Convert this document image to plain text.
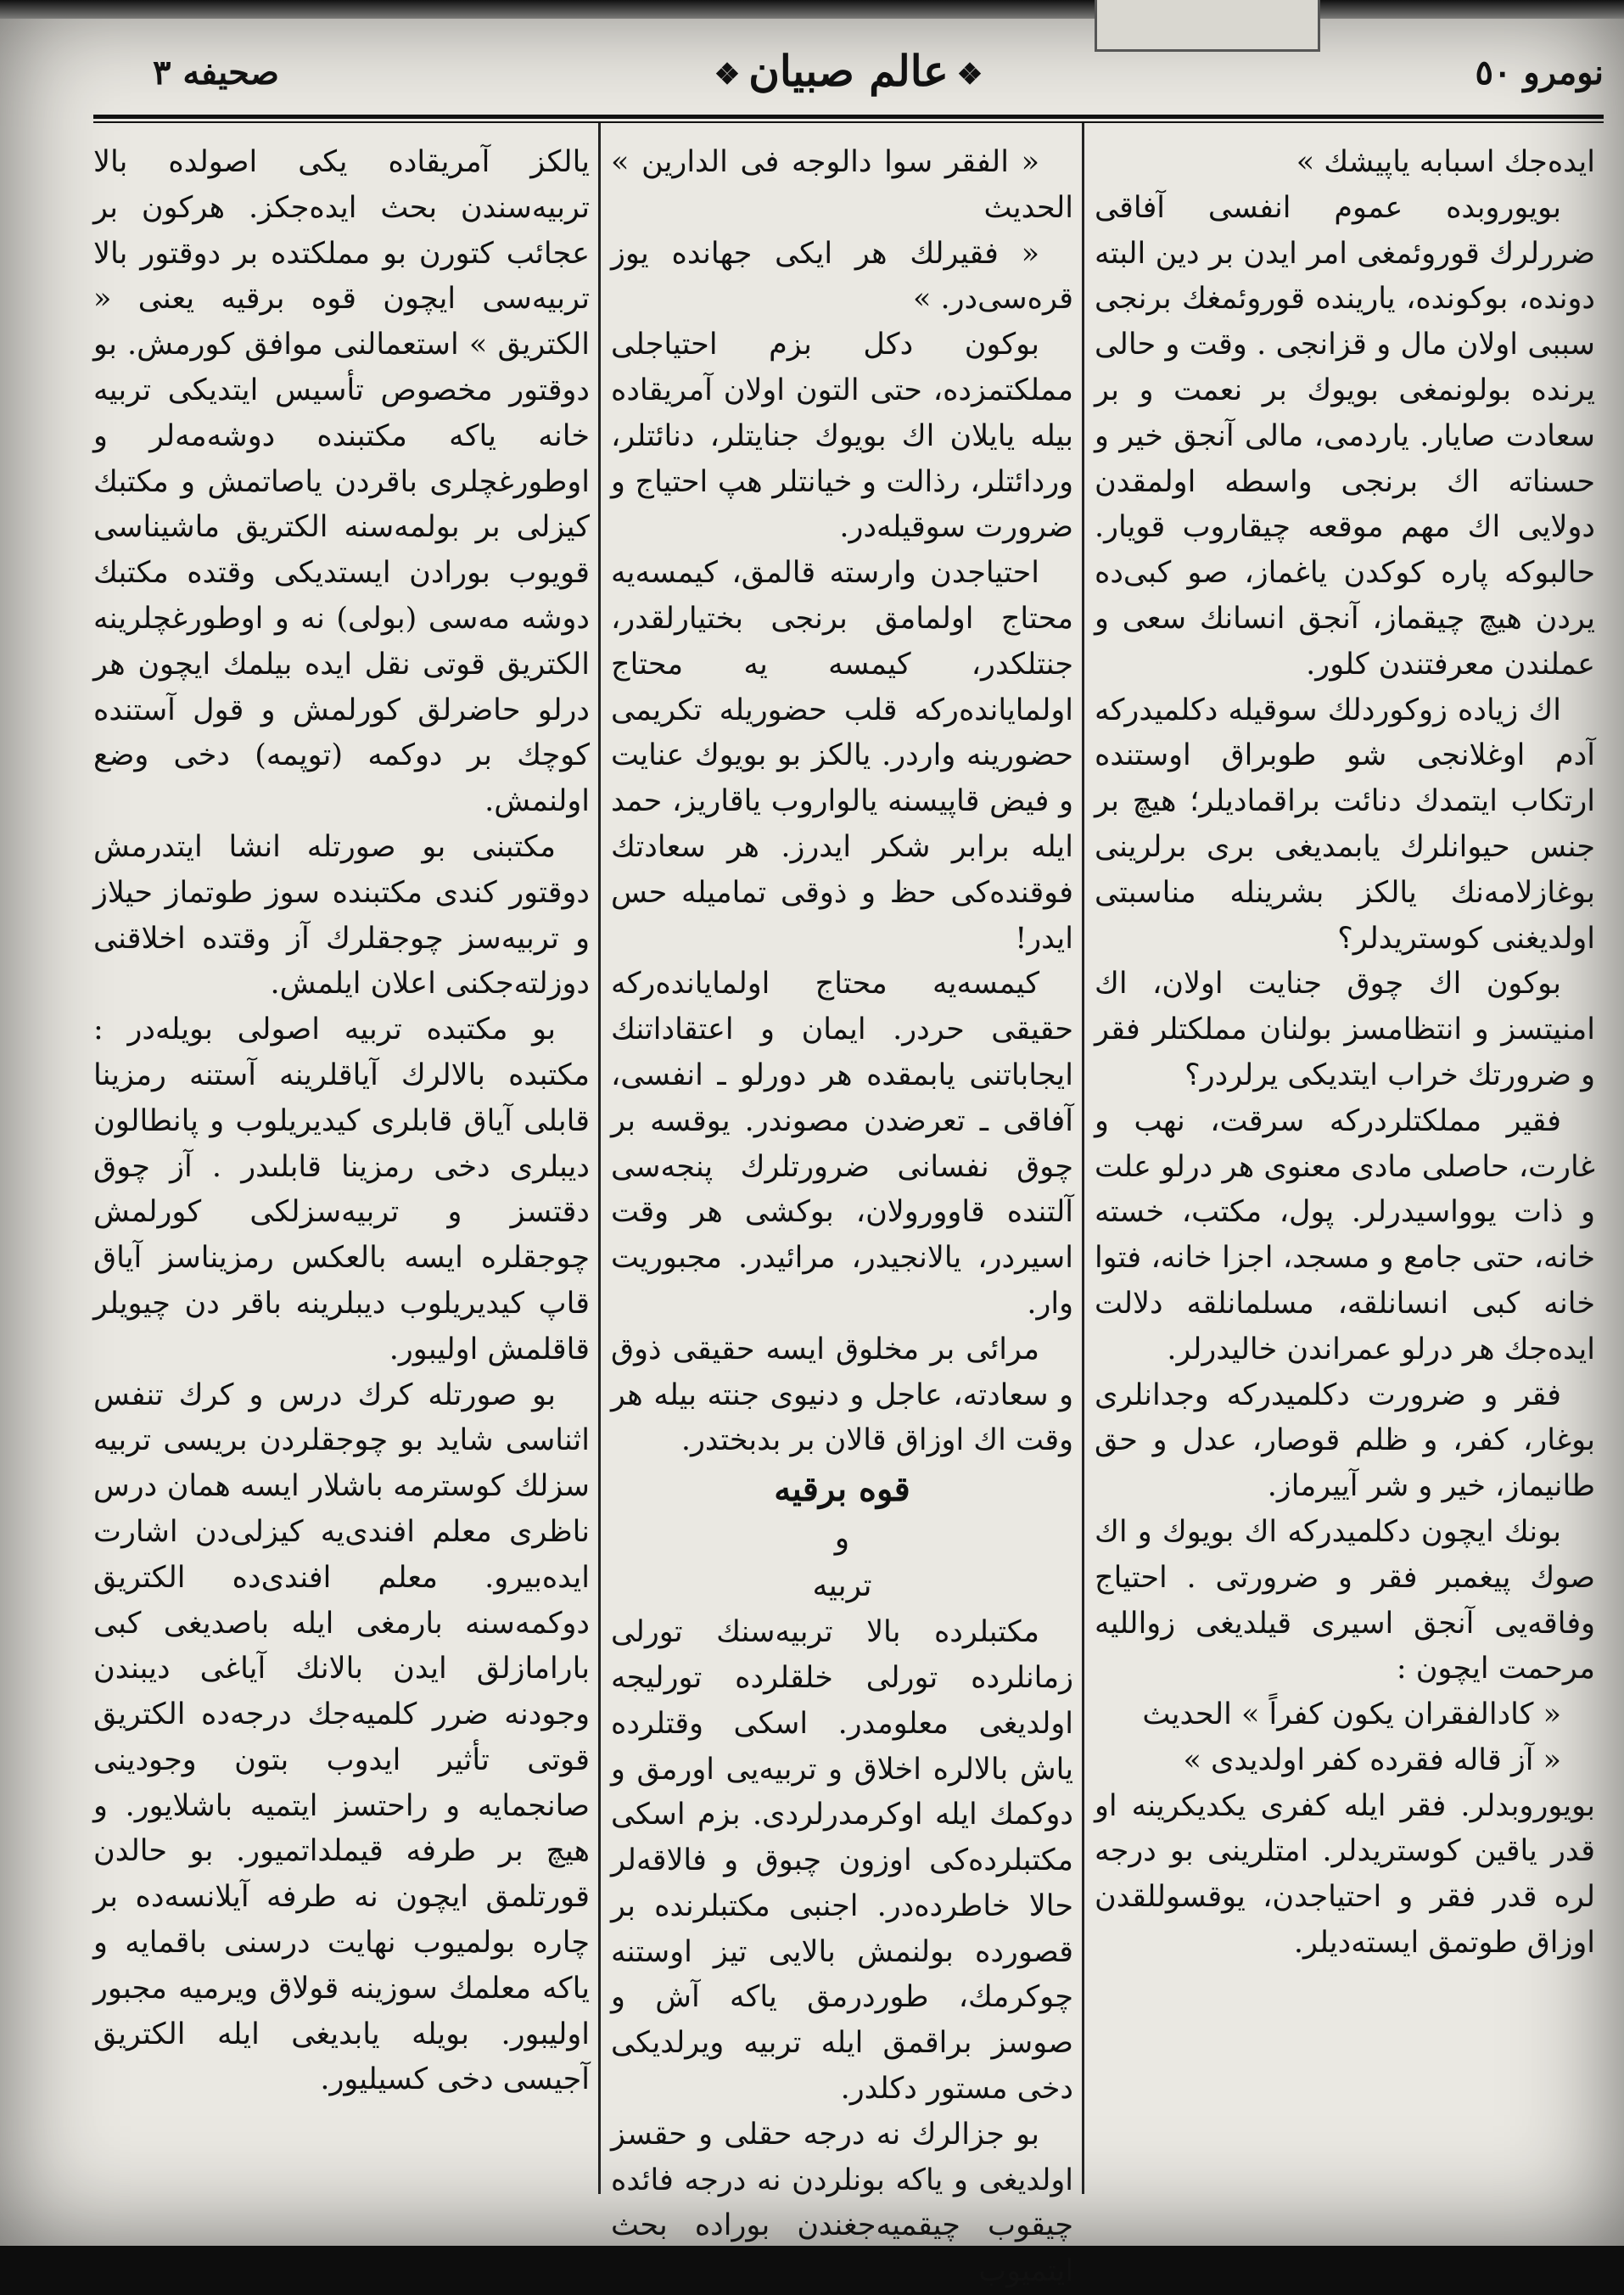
نومرو ٥٠
❖عالم صبيان❖
صحيفه ٣

ايده‌جك اسبابه ياپيشك »

بويوروبده عموم انفسى آفاقى ضررلرك قوروئمغى امر ايدن بر دين البته دونده، بوكونده، يارينده قوروئمغك برنجى سببى اولان مال و قزانجى . وقت و حالى يرنده بولونمغى بويوك بر نعمت و بر سعادت صايار. ياردمى، مالى آنجق خير و حسناته اك برنجى واسطه اولمقدن دولايى اك مهم موقعه چيقاروب قويار. حالبوكه پاره كوكدن ياغماز، صو كبى‌ده يردن هيچ چيقماز، آنجق انسانك سعى و عملندن معرفتندن كلور.

اك زياده زوكوردلك سوقيله دكلميدركه آدم اوغلانجى شو طوبراق اوستنده ارتكاب ايتمدك دنائت براقماديلر؛ هيچ بر جنس حيوانلرك يابمديغى برى برلرينى بوغازلامه‌نك يالكز بشرينله مناسبتى اولديغنى كوستريدلر؟

بوكون اك چوق جنايت اولان، اك امنيتسز و انتظامسز بولنان مملكتلر فقر و ضرورتك خراب ايتديكى يرلردر؟

فقير مملكتلردركه سرقت، نهب و غارت، حاصلى مادى معنوى هر درلو علت و ذات يوواسيدرلر. پول، مكتب، خسته خانه، حتى جامع و مسجد، اجزا خانه، فتوا خانه كبى انسانلقه، مسلمانلقه دلالت ايده‌جك هر درلو عمراندن خاليدرلر.

فقر و ضرورت دكلميدركه وجدانلرى بوغار، كفر، و ظلم قوصار، عدل و حق طانيماز، خير و شر آييرماز.

بونك ايچون دكلميدركه اك بويوك و اك صوك پيغمبر فقر و ضرورتى . احتياج وفاقه‌يى آنجق اسيرى قيلديغى زوالليه مرحمت ايچون :

« كادالفقران يكون كفراً » الحديث

« آز قاله فقرده كفر اولديدى »

بويوروبدلر. فقر ايله كفرى يكديكرينه او قدر ياقين كوستريدلر. امتلرينى بو درجه لره قدر فقر و احتياجدن، يوقسوللقدن اوزاق طوتمق ايسته‌ديلر.

« الفقر سوا دالوجه فى الدارين » الحديث

« فقيرلك هر ايكى جهانده يوز قره‌سى‌در. »

بوكون دكل بزم احتياجلى مملكتمزده، حتى التون اولان آمريقاده بيله يايلان اك بويوك جنايتلر، دنائتلر، وردائتلر، رذالت و خيانتلر هپ احتياج و ضرورت سوقيله‌در.

احتياجدن وارسته قالمق، كيمسه‌يه محتاج اولمامق برنجى بختيارلقدر، جنتلكدر، كيمسه يه محتاج اولمايانده‌ركه قلب حضوريله تكريمى حضورينه واردر. يالكز بو بويوك عنايت و فيض قاپيسنه يالواروب ياقاريز، حمد ايله برابر شكر ايدرز. هر سعادتك فوقنده‌كى حظ و ذوقى تماميله حس ايدر!

كيمسه‌يه محتاج اولمايانده‌ركه حقيقى حردر. ايمان و اعتقاداتنك ايجاباتنى يابمقده هر دورلو ـ انفسى، آفاقى ـ تعرضدن مصوندر. يوقسه بر چوق نفسانى ضرورتلرك پنجه‌سى آلتنده قاوورولان، بوكشى هر وقت اسيردر، يالانجيدر، مرائيدر. مجبوريت وار.

مرائى بر مخلوق ايسه حقيقى ذوق و سعادته، عاجل و دنيوى جنته بيله هر وقت اك اوزاق قالان بر بدبختدر.

قوه برقيه

و

تربيه

مكتبلرده بالا تربيه‌سنك تورلى زمانلرده تورلى خلقلرده تورليجه اولديغى معلومدر. اسكى وقتلرده ياش بالالره اخلاق و تربيه‌يى اورمق و دوكمك ايله اوكرمدرلردى. بزم اسكى مكتبلرده‌كى اوزون چبوق و فالاقه‌لر حالا خاطرده‌در. اجنبى مكتبلرنده بر قصورده بولنمش بالايى تيز اوستنه چوكرمك، طوردرمق ياكه آش و صوسز براقمق ايله تربيه ويرلديكى دخى مستور دكلدر.

بو جزالرك نه درجه حقلى و حقسز اولديغى و ياكه بونلردن نه درجه فائده چيقوب چيقميه‌جغندن بوراده بحث ايتميوب

يالكز آمريقاده يكى اصولده بالا تربيه‌سندن بحث ايده‌جكز. هركون بر عجائب كتورن بو مملكتده بر دوقتور بالا تربيه‌سى ايچون قوه برقيه يعنى « الكتريق » استعمالنى موافق كورمش. بو دوقتور مخصوص تأسيس ايتديكى تربيه خانه ياكه مكتبنده دوشه‌مه‌لر و اوطورغچلرى باقردن ياصاتمش و مكتبك كيزلى بر بولمه‌سنه الكتريق ماشيناسى قويوب بورادن ايستديكى وقتده مكتبك دوشه مه‌سى (بولى) نه و اوطورغچلرينه الكتريق قوتى نقل ايده بيلمك ايچون هر درلو حاضرلق كورلمش و قول آستنده كوچك بر دوكمه (توپمه) دخى وضع اولنمش.

مكتبنى بو صورتله انشا ايتدرمش دوقتور كندى مكتبنده سوز طوتماز حيلاز و تربيه‌سز چوجقلرك آز وقتده اخلاقنى دوزلته‌جكنى اعلان ايلمش.

بو مكتبده تربيه اصولى بويله‌در : مكتبده بالالرك آياقلرينه آستنه رمزينا قابلى آياق قابلرى كيديريلوب و پانطالون ديبلرى دخى رمزينا قابلىدر . آز چوق دقتسز و تربيه‌سزلكى كورلمش چوجقلره ايسه بالعكس رمزيناسز آياق قاپ كيديريلوب ديبلرينه باقر دن چيويلر قاقلمش اوليبور.

بو صورتله كرك درس و كرك تنفس اثناسى شايد بو چوجقلردن بريسى تربيه سزلك كوسترمه باشلار ايسه همان درس ناظرى معلم افندى‌يه كيزلى‌دن اشارت ايده‌بيرو. معلم افندى‌ده الكتريق دوكمه‌سنه بارمغى ايله باصديغى كبى بارامازلق ايدن بالانك آياغى ديبندن وجودنه ضرر كلميه‌جك درجه‌ده الكتريق قوتى تأثير ايدوب بتون وجودينى صانجمايه و راحتسز ايتميه باشلايور. و هيچ بر طرفه قيملداتميور. بو حالدن قورتلمق ايچون نه طرفه آيلانسه‌ده بر چاره بولميوب نهايت درسنى باقمايه و ياكه معلمك سوزينه قولاق ويرميه مجبور اوليبور. بويله يابديغى ايله الكتريق آجيسى دخى كسيليور.
